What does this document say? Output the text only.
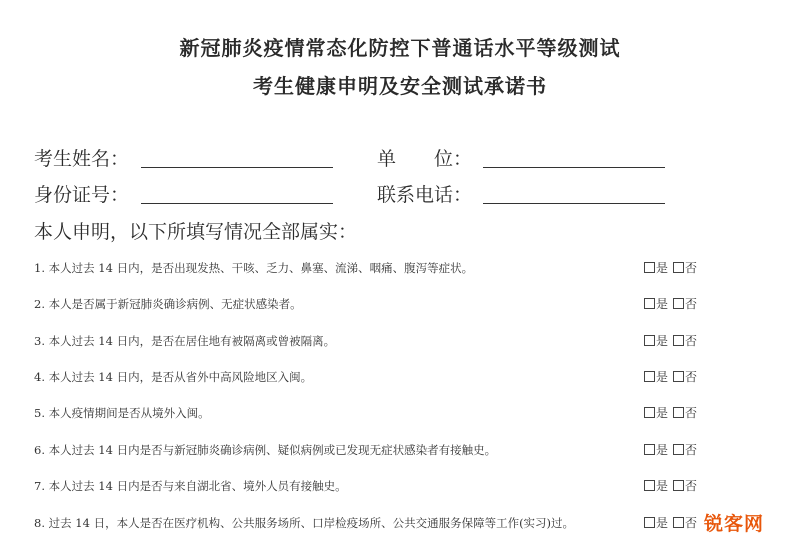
新冠肺炎疫情常态化防控下普通话水平等级测试
考生健康申明及安全测试承诺书
考生姓名：	单　　位：
身份证号：	联系电话：
本人申明，以下所填写情况全部属实：
1. 本人过去 14 日内，是否出现发热、干咳、乏力、鼻塞、流涕、咽痛、腹泻等症状。	是 否
2. 本人是否属于新冠肺炎确诊病例、无症状感染者。	是 否
3. 本人过去 14 日内，是否在居住地有被隔离或曾被隔离。	是 否
4. 本人过去 14 日内，是否从省外中高风险地区入闽。	是 否
5. 本人疫情期间是否从境外入闽。	是 否
6. 本人过去 14 日内是否与新冠肺炎确诊病例、疑似病例或已发现无症状感染者有接触史。	是 否
7. 本人过去 14 日内是否与来自湖北省、境外人员有接触史。	是 否
8. 过去 14 日，本人是否在医疗机构、公共服务场所、口岸检疫场所、公共交通服务保障等工作(实习)过。	是 否 锐客网
